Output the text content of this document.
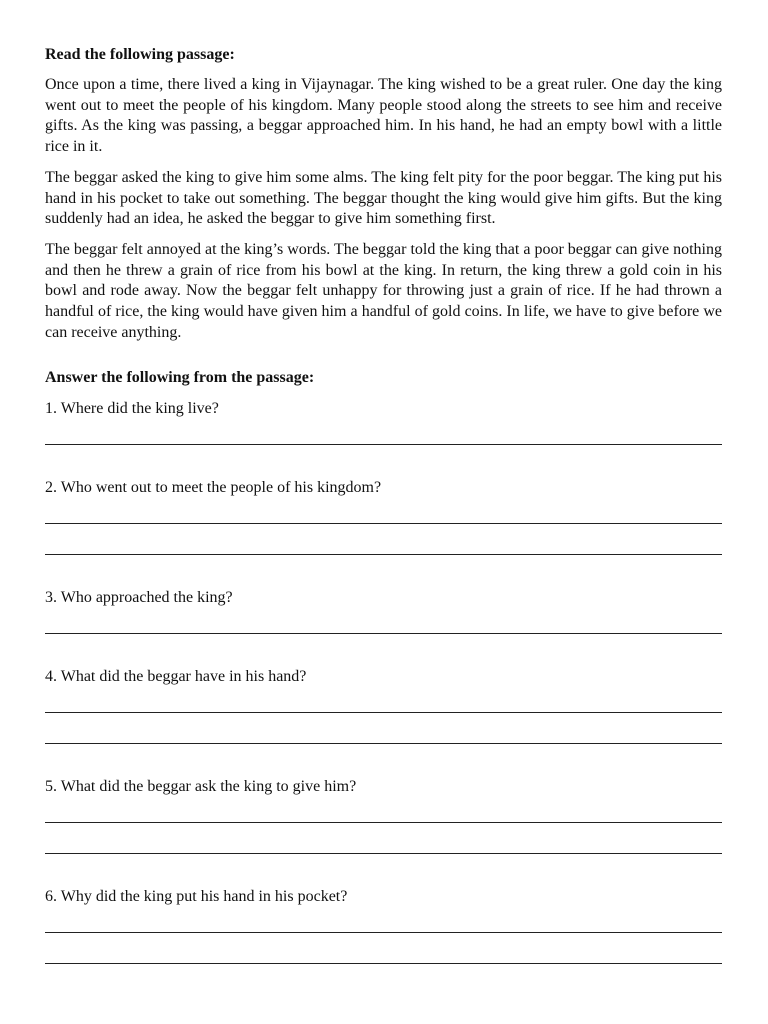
Read the following passage:

Once upon a time, there lived a king in Vijaynagar. The king wished to be a great ruler. One day the king went out to meet the people of his kingdom. Many people stood along the streets to see him and receive gifts. As the king was passing, a beggar approached him. In his hand, he had an empty bowl with a little rice in it.

The beggar asked the king to give him some alms. The king felt pity for the poor beggar. The king put his hand in his pocket to take out something. The beggar thought the king would give him gifts. But the king suddenly had an idea, he asked the beggar to give him something first.

The beggar felt annoyed at the king’s words. The beggar told the king that a poor beggar can give nothing and then he threw a grain of rice from his bowl at the king. In return, the king threw a gold coin in his bowl and rode away. Now the beggar felt unhappy for throwing just a grain of rice. If he had thrown a handful of rice, the king would have given him a handful of gold coins. In life, we have to give before we can receive anything.

Answer the following from the passage:
1. Where did the king live?
2. Who went out to meet the people of his kingdom?
3. Who approached the king?
4. What did the beggar have in his hand?
5. What did the beggar ask the king to give him?
6. Why did the king put his hand in his pocket?
